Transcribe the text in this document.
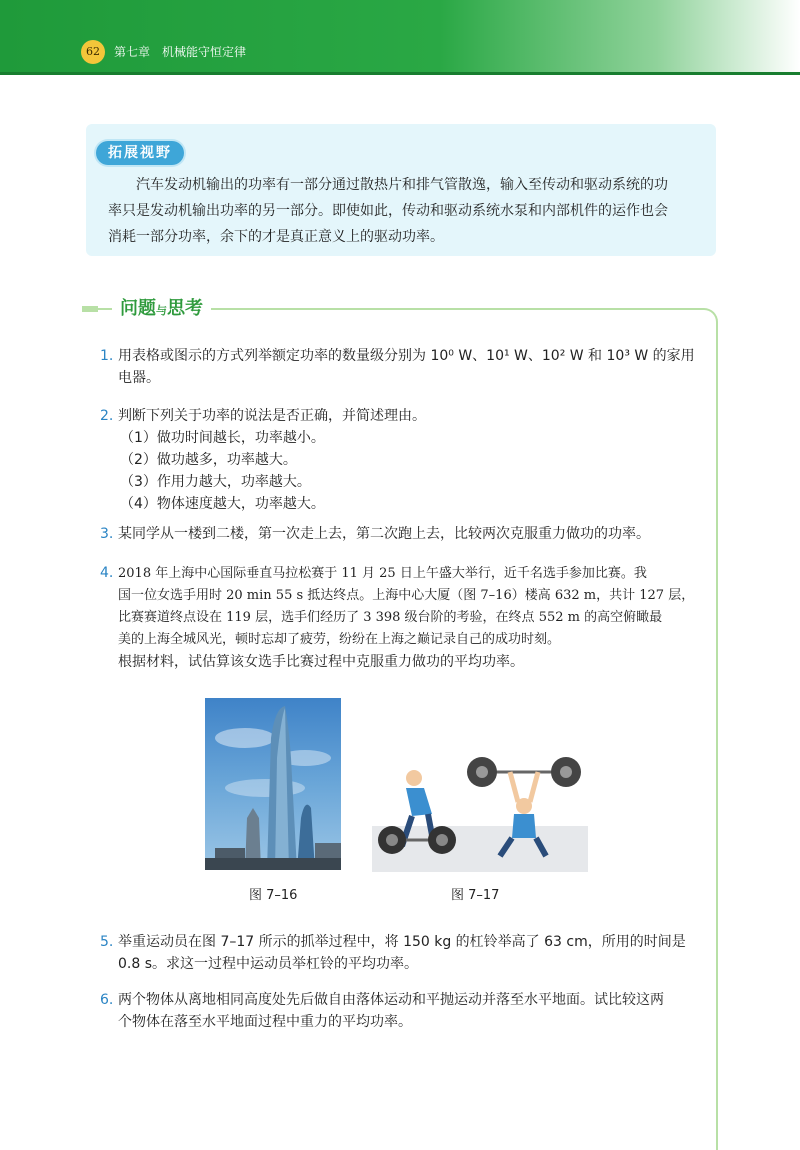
62	第七章 机械能守恒定律
拓展视野
汽车发动机输出的功率有一部分通过散热片和排气管散逸，输入至传动和驱动系统的功
率只是发动机输出功率的另一部分。即使如此，传动和驱动系统水泵和内部机件的运作也会
消耗一部分功率，余下的才是真正意义上的驱动功率。
问题与思考
1. 用表格或图示的方式列举额定功率的数量级分别为 10⁰ W、10¹ W、10² W 和 10³ W 的家用
电器。
2. 判断下列关于功率的说法是否正确，并简述理由。
（1）做功时间越长，功率越小。
（2）做功越多，功率越大。
（3）作用力越大，功率越大。
（4）物体速度越大，功率越大。
3. 某同学从一楼到二楼，第一次走上去，第二次跑上去，比较两次克服重力做功的功率。
4. 2018 年上海中心国际垂直马拉松赛于 11 月 25 日上午盛大举行，近千名选手参加比赛。我
国一位女选手用时 20 min 55 s 抵达终点。上海中心大厦（图 7–16）楼高 632 m，共计 127 层，
比赛赛道终点设在 119 层，选手们经历了 3 398 级台阶的考验，在终点 552 m 的高空俯瞰最
美的上海全城风光，顿时忘却了疲劳，纷纷在上海之巅记录自己的成功时刻。
根据材料，试估算该女选手比赛过程中克服重力做功的平均功率。
图 7–16	图 7–17
5. 举重运动员在图 7–17 所示的抓举过程中，将 150 kg 的杠铃举高了 63 cm，所用的时间是
0.8 s。求这一过程中运动员举杠铃的平均功率。
6. 两个物体从离地相同高度处先后做自由落体运动和平抛运动并落至水平地面。试比较这两
个物体在落至水平地面过程中重力的平均功率。
